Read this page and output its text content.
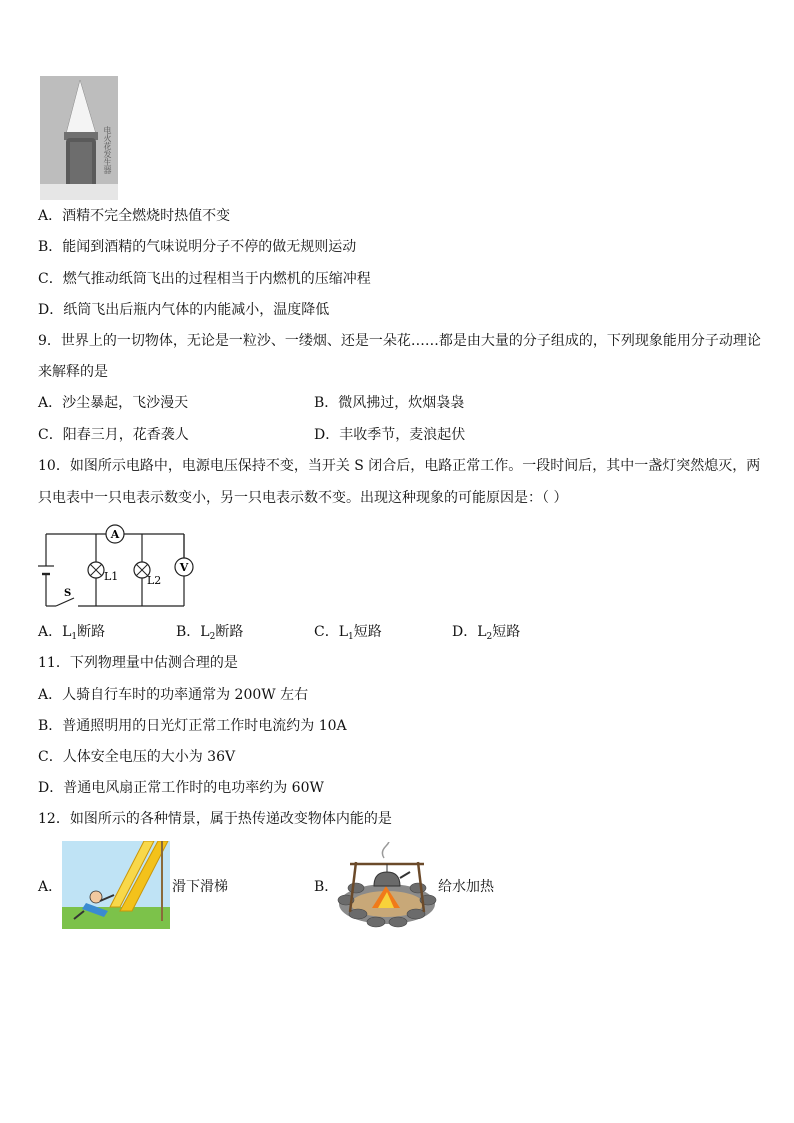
电火花发生器
A．酒精不完全燃烧时热值不变
B．能闻到酒精的气味说明分子不停的做无规则运动
C．燃气推动纸筒飞出的过程相当于内燃机的压缩冲程
D．纸筒飞出后瓶内气体的内能减小，温度降低
9．世界上的一切物体，无论是一粒沙、一缕烟、还是一朵花……都是由大量的分子组成的，下列现象能用分子动理论
来解释的是
A．沙尘暴起，飞沙漫天	B．微风拂过，炊烟袅袅
C．阳春三月，花香袭人	D．丰收季节，麦浪起伏
10．如图所示电路中，电源电压保持不变，当开关 S 闭合后，电路正常工作。一段时间后，其中一盏灯突然熄灭，两
只电表中一只电表示数变小，另一只电表示数不变。出现这种现象的可能原因是：（ ）
A
L1	L2
V
S
A．$L_1$断路	B．$L_2$断路	C．$L_1$短路	D．$L_2$短路
11．下列物理量中估测合理的是
A．人骑自行车时的功率通常为 200W 左右
B．普通照明用的日光灯正常工作时电流约为 10A
C．人体安全电压的大小为 36V
D．普通电风扇正常工作时的电功率约为 60W
12．如图所示的各种情景，属于热传递改变物体内能的是
A．	滑下滑梯	B．	给水加热
